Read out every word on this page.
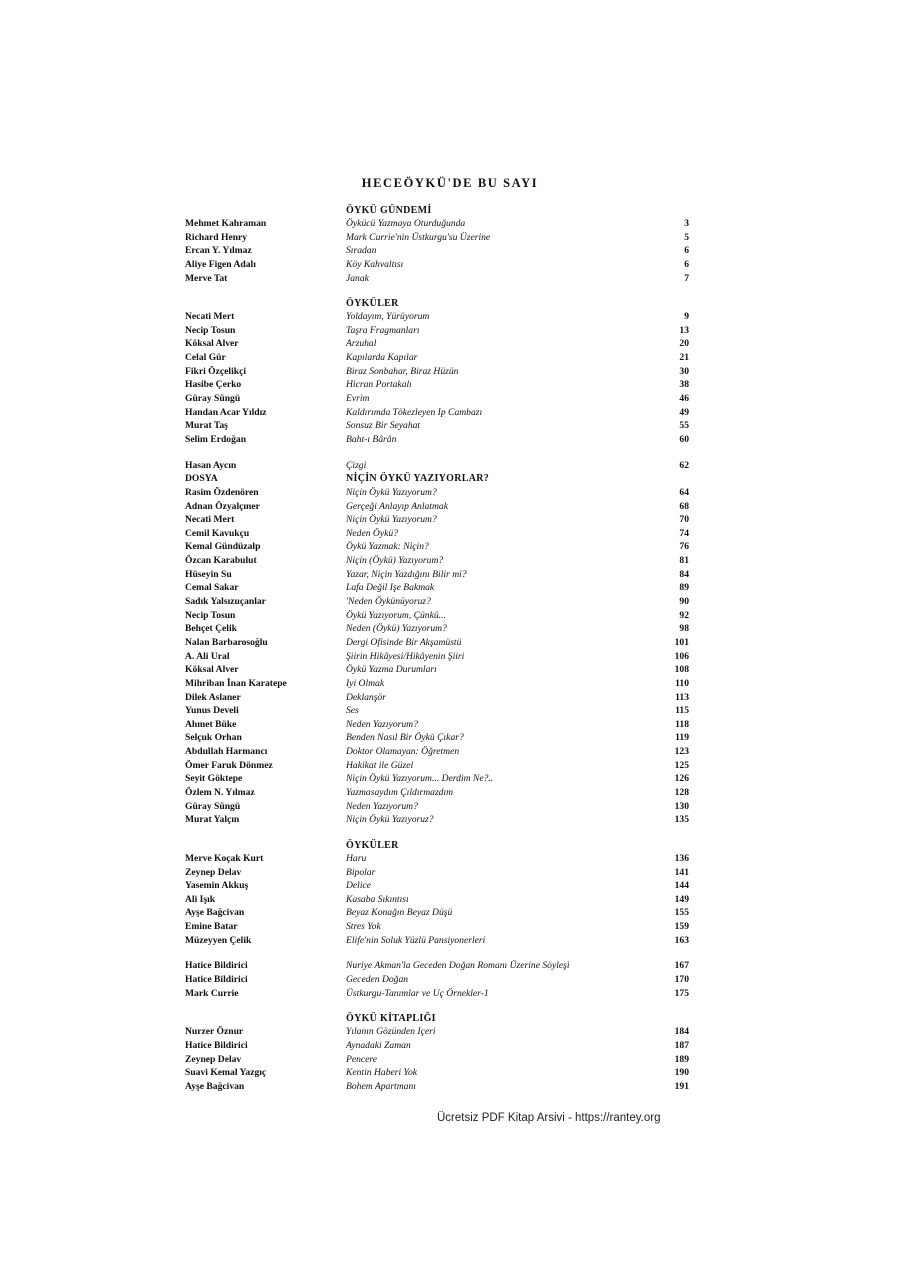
HECEÖYKÜ'DE BU SAYI
ÖYKÜ GÜNDEMİ
Mehmet Kahraman	Öykücü Yazmaya Oturduğunda	3
Richard Henry	Mark Currie'nin Üstkurgu'su Üzerine	5
Ercan Y. Yılmaz	Sıradan	6
Aliye Figen Adalı	Köy Kahvaltısı	6
Merve Tat	Janak	7
ÖYKÜLER
Necati Mert	Yoldayım, Yürüyorum	9
Necip Tosun	Taşra Fragmanları	13
Köksal Alver	Arzuhal	20
Celal Gür	Kapılarda Kapılar	21
Fikri Özçelikçi	Biraz Sonbahar, Biraz Hüzün	30
Hasibe Çerko	Hicran Portakalı	38
Güray Süngü	Evrim	46
Handan Acar Yıldız	Kaldırımda Tökezleyen Ip Cambazı	49
Murat Taş	Sonsuz Bir Seyahat	55
Selim Erdoğan	Baht-ı Bârân	60
Hasan Aycın	Çizgi	62
DOSYA	NİÇİN ÖYKÜ YAZIYORLAR?
Rasim Özdenören	Niçin Öykü Yazıyorum?	64
Adnan Özyalçıner	Gerçeği Anlayıp Anlatmak	68
Necati Mert	Niçin Öykü Yazıyorum?	70
Cemil Kavukçu	Neden Öykü?	74
Kemal Gündüzalp	Öykü Yazmak: Niçin?	76
Özcan Karabulut	Niçin (Öykü) Yazıyorum?	81
Hüseyin Su	Yazar, Niçin Yazdığını Bilir mi?	84
Cemal Sakar	Lafa Değil Işe Bakmak	89
Sadık Yalsızuçanlar	'Neden Öykünüyoruz?	90
Necip Tosun	Öykü Yazıyorum, Çünkü...	92
Behçet Çelik	Neden (Öykü) Yazıyorum?	98
Nalan Barbarosoğlu	Dergi Ofisinde Bir Akşamüstü	101
A. Ali Ural	Şiirin Hikâyesi/Hikâyenin Şiiri	106
Köksal Alver	Öykü Yazma Durumları	108
Mihriban İnan Karatepe	Iyi Olmak	110
Dilek Aslaner	Deklanşör	113
Yunus Develi	Ses	115
Ahmet Büke	Neden Yazıyorum?	118
Selçuk Orhan	Benden Nasıl Bir Öykü Çıkar?	119
Abdullah Harmancı	Doktor Olamayan: Öğretmen	123
Ömer Faruk Dönmez	Hakikat ile Güzel	125
Seyit Göktepe	Niçin Öykü Yazıyorum... Derdim Ne?..	126
Özlem N. Yılmaz	Yazmasaydım Çıldırmazdım	128
Güray Süngü	Neden Yazıyorum?	130
Murat Yalçın	Niçin Öykü Yazıyoruz?	135
ÖYKÜLER
Merve Koçak Kurt	Haru	136
Zeynep Delav	Bipolar	141
Yasemin Akkuş	Delice	144
Ali Işık	Kasaba Sıkıntısı	149
Ayşe Bağcivan	Beyaz Konağın Beyaz Düşü	155
Emine Batar	Stres Yok	159
Müzeyyen Çelik	Elife'nin Soluk Yüzlü Pansiyonerleri	163
Hatice Bildirici	Nuriye Akman'la Geceden Doğan Romanı Üzerine Söyleşi	167
Hatice Bildirici	Geceden Doğan	170
Mark Currie	Üstkurgu-Tanımlar ve Uç Örnekler-1	175
ÖYKÜ KİTAPLIĞI
Nurzer Öznur	Yılanın Gözünden Içeri	184
Hatice Bildirici	Aynadaki Zaman	187
Zeynep Delav	Pencere	189
Suavi Kemal Yazgıç	Kentin Haberi Yok	190
Ayşe Bağcivan	Bohem Apartmanı	191
Ücretsiz PDF Kitap Arsivi - https://rantey.org
